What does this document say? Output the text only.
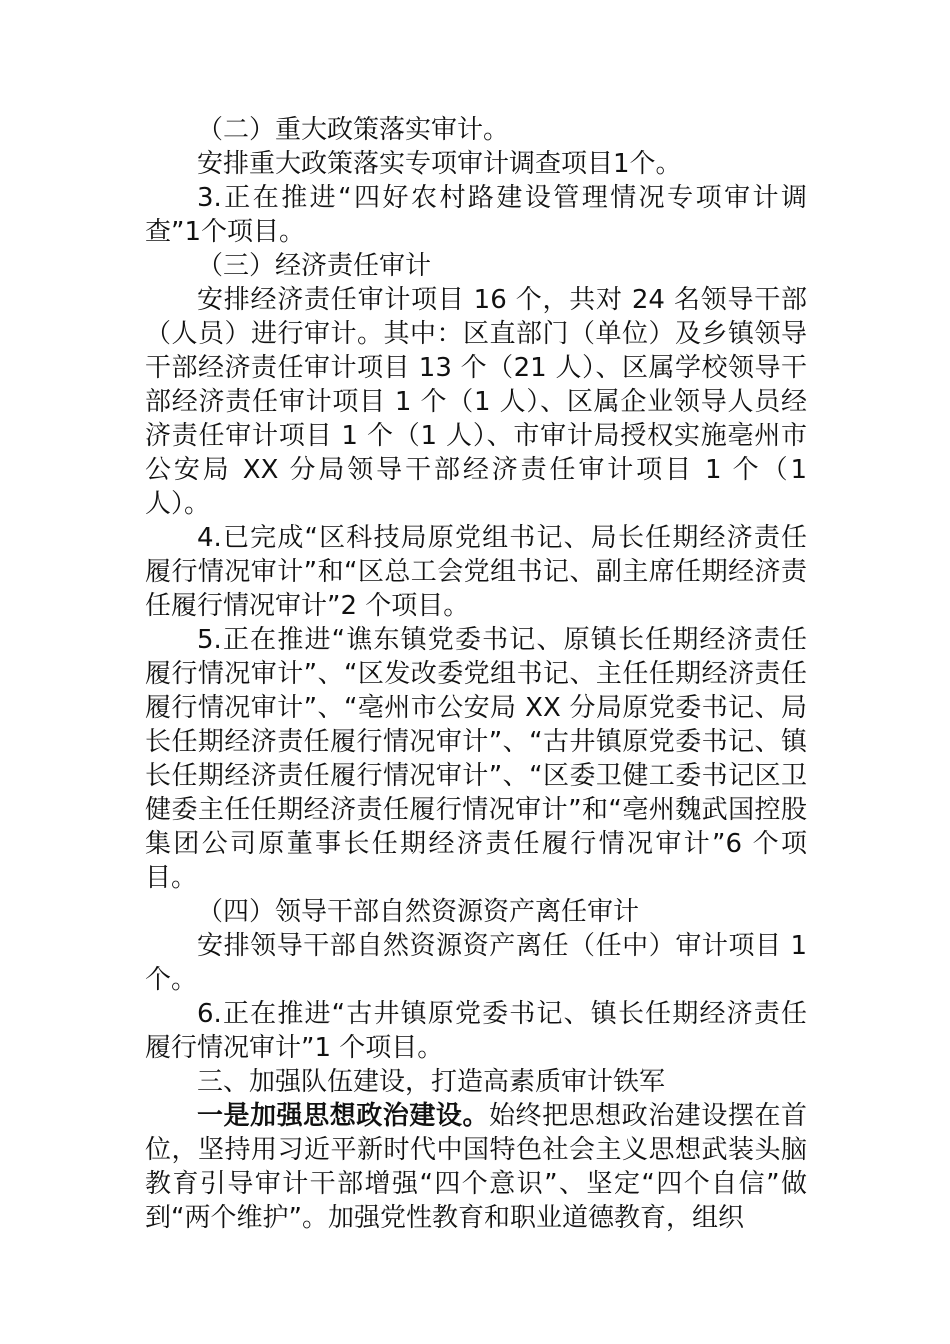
（二）重大政策落实审计。

安排重大政策落实专项审计调查项目1个。

3.正在推进“四好农村路建设管理情况专项审计调查”1个项目。

（三）经济责任审计

安排经济责任审计项目 16 个，共对 24 名领导干部（人员）进行审计。其中：区直部门（单位）及乡镇领导干部经济责任审计项目 13 个（21 人）、区属学校领导干部经济责任审计项目 1 个（1 人）、区属企业领导人员经济责任审计项目 1 个（1 人）、市审计局授权实施亳州市公安局 XX 分局领导干部经济责任审计项目 1 个（1 人）。

4.已完成“区科技局原党组书记、局长任期经济责任履行情况审计”和“区总工会党组书记、副主席任期经济责任履行情况审计”2 个项目。

5.正在推进“谯东镇党委书记、原镇长任期经济责任履行情况审计”、“区发改委党组书记、主任任期经济责任履行情况审计”、“亳州市公安局 XX 分局原党委书记、局长任期经济责任履行情况审计”、“古井镇原党委书记、镇长任期经济责任履行情况审计”、“区委卫健工委书记区卫健委主任任期经济责任履行情况审计”和“亳州魏武国控股集团公司原董事长任期经济责任履行情况审计”6 个项目。

（四）领导干部自然资源资产离任审计

安排领导干部自然资源资产离任（任中）审计项目 1 个。

6.正在推进“古井镇原党委书记、镇长任期经济责任履行情况审计”1 个项目。

三、加强队伍建设，打造高素质审计铁军

一是加强思想政治建设。始终把思想政治建设摆在首位，坚持用习近平新时代中国特色社会主义思想武装头脑教育引导审计干部增强“四个意识”、坚定“四个自信”做到“两个维护”。加强党性教育和职业道德教育，组织
